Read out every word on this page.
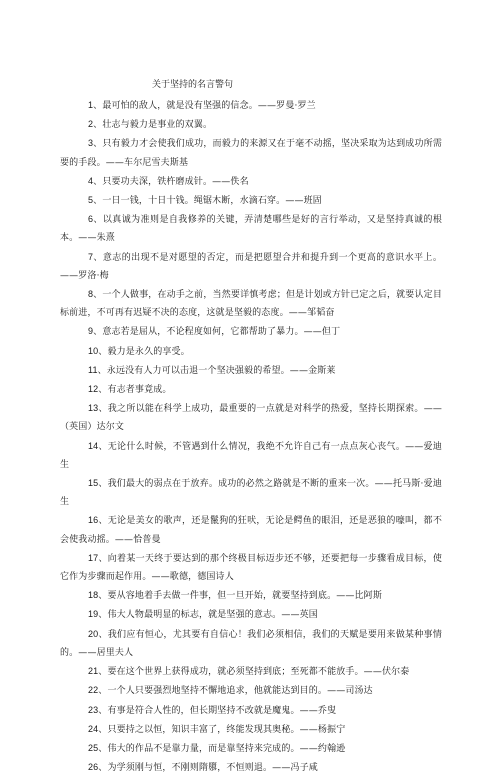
关于坚持的名言警句

1、最可怕的敌人，就是没有坚强的信念。——罗曼·罗兰

2、壮志与毅力是事业的双翼。

3、只有毅力才会使我们成功，而毅力的来源又在于毫不动摇，坚决采取为达到成功所需要的手段。——车尔尼雪夫斯基

4、只要功夫深，铁杵磨成针。——佚名

5、一日一钱，十日十钱。绳锯木断，水滴石穿。——班固

6、以真诚为准则是自我修养的关键，弄清楚哪些是好的言行举动，又是坚持真诚的根本。——朱熹

7、意志的出现不是对愿望的否定，而是把愿望合并和提升到一个更高的意识水平上。——罗洛·梅

8、一个人做事，在动手之前，当然要详慎考虑；但是计划或方针已定之后，就要认定目标前进，不可再有迟疑不决的态度，这就是坚毅的态度。——邹韬奋

9、意志若是屈从，不论程度如何，它都帮助了暴力。——但丁

10、毅力是永久的享受。

11、永远没有人力可以击退一个坚决强毅的希望。——金斯莱

12、有志者事竟成。

13、我之所以能在科学上成功，最重要的一点就是对科学的热爱，坚持长期探索。——（英国）达尔文

14、无论什么时候，不管遇到什么情况，我绝不允许自己有一点点灰心丧气。——爱迪生

15、我们最大的弱点在于放弃。成功的必然之路就是不断的重来一次。——托马斯·爱迪生

16、无论是美女的歌声，还是鬣狗的狂吠，无论是鳄鱼的眼泪，还是恶狼的嚎叫，都不会使我动摇。——恰普曼

17、向着某一天终于要达到的那个终极目标迈步还不够，还要把每一步骤看成目标，使它作为步骤而起作用。——歌德，德国诗人

18、要从容地着手去做一件事，但一旦开始，就要坚持到底。——比阿斯

19、伟大人物最明显的标志，就是坚强的意志。——英国

20、我们应有恒心，尤其要有自信心！我们必须相信，我们的天赋是要用来做某种事情的。——居里夫人

21、要在这个世界上获得成功，就必须坚持到底；至死都不能放手。——伏尔泰

22、一个人只要强烈地坚持不懈地追求，他就能达到目的。——司汤达

23、有事是符合人性的，但长期坚持不改就是魔鬼。——乔叟

24、只要持之以恒，知识丰富了，终能发现其奥秘。——杨振宁

25、伟大的作品不是靠力量，而是靠坚持来完成的。——约翰逊

26、为学须刚与恒，不刚则隋隳，不恒则退。——冯子咸
